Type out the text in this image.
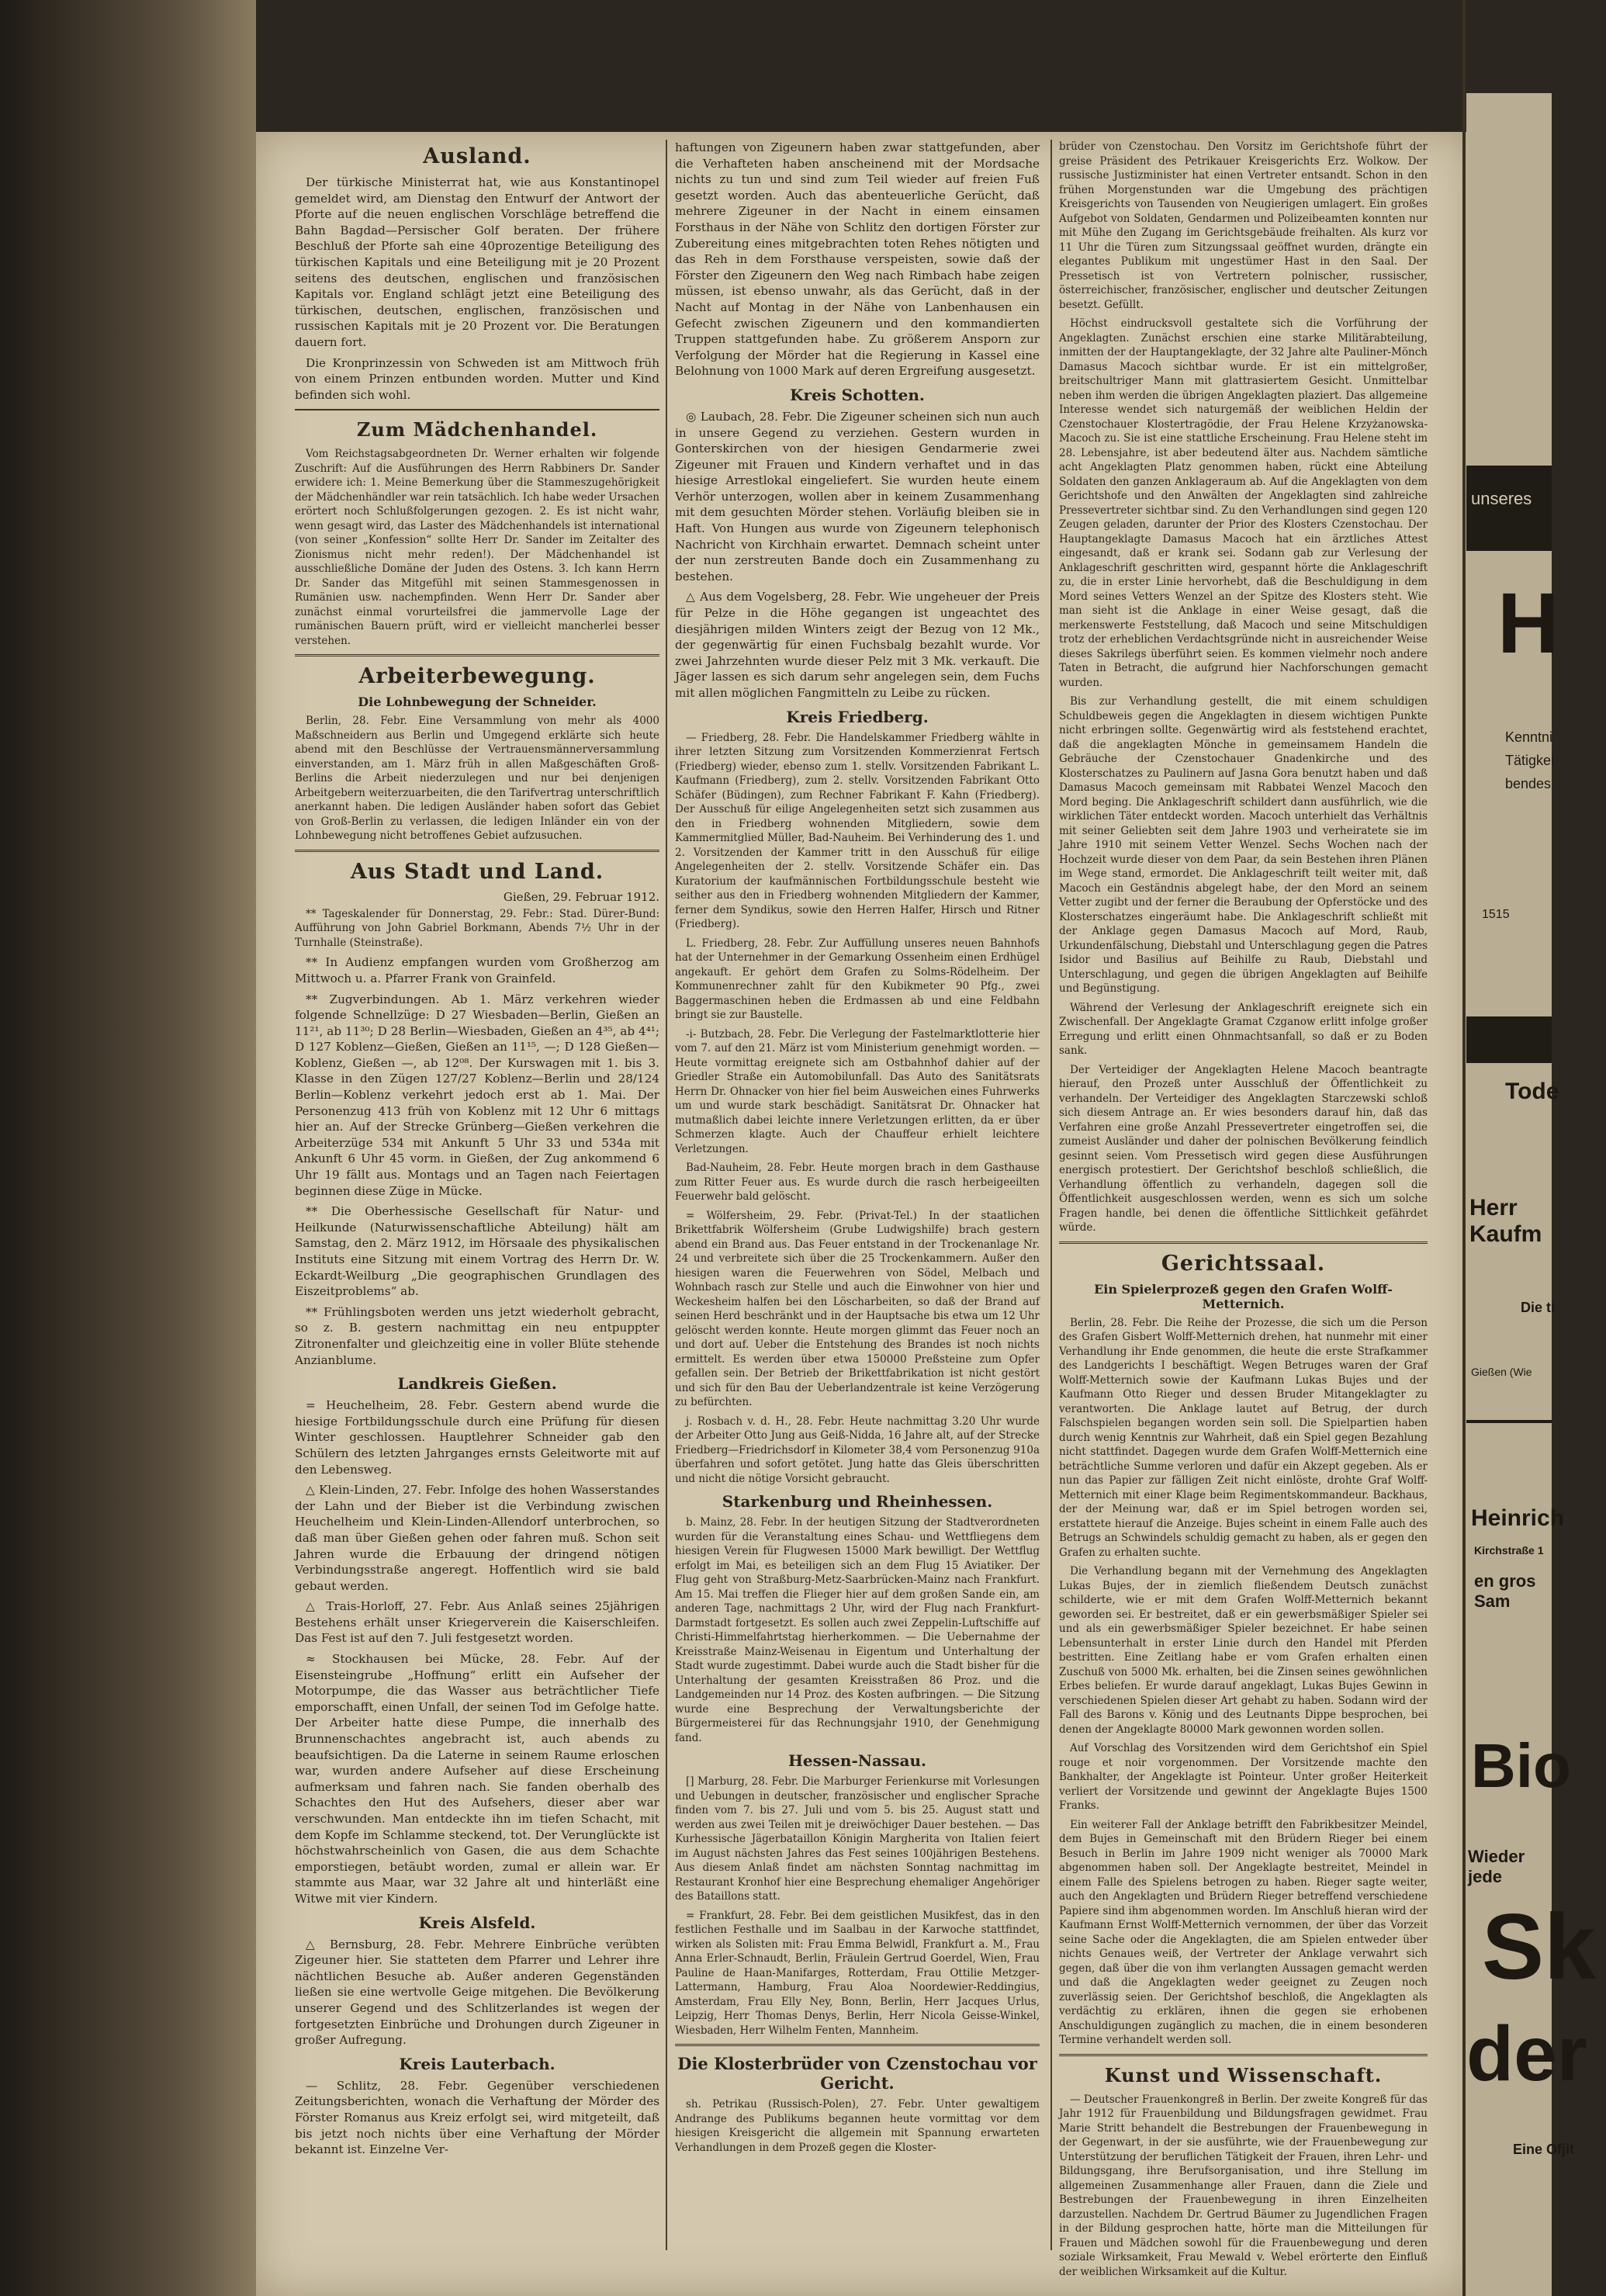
Ausland.

Der türkische Ministerrat hat, wie aus Konstantinopel gemeldet wird, am Dienstag den Entwurf der Antwort der Pforte auf die neuen englischen Vorschläge betreffend die Bahn Bagdad—Persischer Golf beraten. Der frühere Beschluß der Pforte sah eine 40prozentige Beteiligung des türkischen Kapitals und eine Beteiligung mit je 20 Prozent seitens des deutschen, englischen und französischen Kapitals vor. England schlägt jetzt eine Beteiligung des türkischen, deutschen, englischen, französischen und russischen Kapitals mit je 20 Prozent vor. Die Beratungen dauern fort.

Die Kronprinzessin von Schweden ist am Mittwoch früh von einem Prinzen entbunden worden. Mutter und Kind befinden sich wohl.

Zum Mädchenhandel.

Vom Reichstagsabgeordneten Dr. Werner erhalten wir folgende Zuschrift: Auf die Ausführungen des Herrn Rabbiners Dr. Sander erwidere ich: 1. Meine Bemerkung über die Stammeszugehörigkeit der Mädchenhändler war rein tatsächlich. Ich habe weder Ursachen erörtert noch Schlußfolgerungen gezogen. 2. Es ist nicht wahr, wenn gesagt wird, das Laster des Mädchenhandels ist international (von seiner „Konfession“ sollte Herr Dr. Sander im Zeitalter des Zionismus nicht mehr reden!). Der Mädchenhandel ist ausschließliche Domäne der Juden des Ostens. 3. Ich kann Herrn Dr. Sander das Mitgefühl mit seinen Stammesgenossen in Rumänien usw. nachempfinden. Wenn Herr Dr. Sander aber zunächst einmal vorurteilsfrei die jammervolle Lage der rumänischen Bauern prüft, wird er vielleicht mancherlei besser verstehen.

Arbeiterbewegung.
Die Lohnbewegung der Schneider.

Berlin, 28. Febr. Eine Versammlung von mehr als 4000 Maßschneidern aus Berlin und Umgegend erklärte sich heute abend mit den Beschlüsse der Vertrauensmännerversammlung einverstanden, am 1. März früh in allen Maßgeschäften Groß-Berlins die Arbeit niederzulegen und nur bei denjenigen Arbeitgebern weiterzuarbeiten, die den Tarifvertrag unterschriftlich anerkannt haben. Die ledigen Ausländer haben sofort das Gebiet von Groß-Berlin zu verlassen, die ledigen Inländer ein von der Lohnbewegung nicht betroffenes Gebiet aufzusuchen.

Aus Stadt und Land.
Gießen, 29. Februar 1912.

** Tageskalender für Donnerstag, 29. Febr.: Stad. Dürer-Bund: Aufführung von John Gabriel Borkmann, Abends 7½ Uhr in der Turnhalle (Steinstraße).

** In Audienz empfangen wurden vom Großherzog am Mittwoch u. a. Pfarrer Frank von Grainfeld.

** Zugverbindungen. Ab 1. März verkehren wieder folgende Schnellzüge: D 27 Wiesbaden—Berlin, Gießen an 11²¹, ab 11³⁰; D 28 Berlin—Wiesbaden, Gießen an 4³⁵, ab 4⁴¹; D 127 Koblenz—Gießen, Gießen an 11¹⁵, —; D 128 Gießen—Koblenz, Gießen —, ab 12⁰⁸. Der Kurswagen mit 1. bis 3. Klasse in den Zügen 127/27 Koblenz—Berlin und 28/124 Berlin—Koblenz verkehrt jedoch erst ab 1. Mai. Der Personenzug 413 früh von Koblenz mit 12 Uhr 6 mittags hier an. Auf der Strecke Grünberg—Gießen verkehren die Arbeiterzüge 534 mit Ankunft 5 Uhr 33 und 534a mit Ankunft 6 Uhr 45 vorm. in Gießen, der Zug ankommend 6 Uhr 19 fällt aus. Montags und an Tagen nach Feiertagen beginnen diese Züge in Mücke.

** Die Oberhessische Gesellschaft für Natur- und Heilkunde (Naturwissenschaftliche Abteilung) hält am Samstag, den 2. März 1912, im Hörsaale des physikalischen Instituts eine Sitzung mit einem Vortrag des Herrn Dr. W. Eckardt-Weilburg „Die geographischen Grundlagen des Eiszeitproblems“ ab.

** Frühlingsboten werden uns jetzt wiederholt gebracht, so z. B. gestern nachmittag ein neu entpuppter Zitronenfalter und gleichzeitig eine in voller Blüte stehende Anzianblume.

Landkreis Gießen.

= Heuchelheim, 28. Febr. Gestern abend wurde die hiesige Fortbildungsschule durch eine Prüfung für diesen Winter geschlossen. Hauptlehrer Schneider gab den Schülern des letzten Jahrganges ernsts Geleitworte mit auf den Lebensweg.

△ Klein-Linden, 27. Febr. Infolge des hohen Wasserstandes der Lahn und der Bieber ist die Verbindung zwischen Heuchelheim und Klein-Linden-Allendorf unterbrochen, so daß man über Gießen gehen oder fahren muß. Schon seit Jahren wurde die Erbauung der dringend nötigen Verbindungsstraße angeregt. Hoffentlich wird sie bald gebaut werden.

△ Trais-Horloff, 27. Febr. Aus Anlaß seines 25jährigen Bestehens erhält unser Kriegerverein die Kaiserschleifen. Das Fest ist auf den 7. Juli festgesetzt worden.

≈ Stockhausen bei Mücke, 28. Febr. Auf der Eisensteingrube „Hoffnung“ erlitt ein Aufseher der Motorpumpe, die das Wasser aus beträchtlicher Tiefe emporschafft, einen Unfall, der seinen Tod im Gefolge hatte. Der Arbeiter hatte diese Pumpe, die innerhalb des Brunnenschachtes angebracht ist, auch abends zu beaufsichtigen. Da die Laterne in seinem Raume erloschen war, wurden andere Aufseher auf diese Erscheinung aufmerksam und fahren nach. Sie fanden oberhalb des Schachtes den Hut des Aufsehers, dieser aber war verschwunden. Man entdeckte ihn im tiefen Schacht, mit dem Kopfe im Schlamme steckend, tot. Der Verunglückte ist höchstwahrscheinlich von Gasen, die aus dem Schachte emporstiegen, betäubt worden, zumal er allein war. Er stammte aus Maar, war 32 Jahre alt und hinterläßt eine Witwe mit vier Kindern.

Kreis Alsfeld.

△ Bernsburg, 28. Febr. Mehrere Einbrüche verübten Zigeuner hier. Sie statteten dem Pfarrer und Lehrer ihre nächtlichen Besuche ab. Außer anderen Gegenständen ließen sie eine wertvolle Geige mitgehen. Die Bevölkerung unserer Gegend und des Schlitzerlandes ist wegen der fortgesetzten Einbrüche und Drohungen durch Zigeuner in großer Aufregung.

Kreis Lauterbach.

— Schlitz, 28. Febr. Gegenüber verschiedenen Zeitungsberichten, wonach die Verhaftung der Mörder des Förster Romanus aus Kreiz erfolgt sei, wird mitgeteilt, daß bis jetzt noch nichts über eine Verhaftung der Mörder bekannt ist. Einzelne Ver-

haftungen von Zigeunern haben zwar stattgefunden, aber die Verhafteten haben anscheinend mit der Mordsache nichts zu tun und sind zum Teil wieder auf freien Fuß gesetzt worden. Auch das abenteuerliche Gerücht, daß mehrere Zigeuner in der Nacht in einem einsamen Forsthaus in der Nähe von Schlitz den dortigen Förster zur Zubereitung eines mitgebrachten toten Rehes nötigten und das Reh in dem Forsthause verspeisten, sowie daß der Förster den Zigeunern den Weg nach Rimbach habe zeigen müssen, ist ebenso unwahr, als das Gerücht, daß in der Nacht auf Montag in der Nähe von Lanbenhausen ein Gefecht zwischen Zigeunern und den kommandierten Truppen stattgefunden habe. Zu größerem Ansporn zur Verfolgung der Mörder hat die Regierung in Kassel eine Belohnung von 1000 Mark auf deren Ergreifung ausgesetzt.

Kreis Schotten.

◎ Laubach, 28. Febr. Die Zigeuner scheinen sich nun auch in unsere Gegend zu verziehen. Gestern wurden in Gonterskirchen von der hiesigen Gendarmerie zwei Zigeuner mit Frauen und Kindern verhaftet und in das hiesige Arrestlokal eingeliefert. Sie wurden heute einem Verhör unterzogen, wollen aber in keinem Zusammenhang mit dem gesuchten Mörder stehen. Vorläufig bleiben sie in Haft. Von Hungen aus wurde von Zigeunern telephonisch Nachricht von Kirchhain erwartet. Demnach scheint unter der nun zerstreuten Bande doch ein Zusammenhang zu bestehen.

△ Aus dem Vogelsberg, 28. Febr. Wie ungeheuer der Preis für Pelze in die Höhe gegangen ist ungeachtet des diesjährigen milden Winters zeigt der Bezug von 12 Mk., der gegenwärtig für einen Fuchsbalg bezahlt wurde. Vor zwei Jahrzehnten wurde dieser Pelz mit 3 Mk. verkauft. Die Jäger lassen es sich darum sehr angelegen sein, dem Fuchs mit allen möglichen Fangmitteln zu Leibe zu rücken.

Kreis Friedberg.

— Friedberg, 28. Febr. Die Handelskammer Friedberg wählte in ihrer letzten Sitzung zum Vorsitzenden Kommerzienrat Fertsch (Friedberg) wieder, ebenso zum 1. stellv. Vorsitzenden Fabrikant L. Kaufmann (Friedberg), zum 2. stellv. Vorsitzenden Fabrikant Otto Schäfer (Büdingen), zum Rechner Fabrikant F. Kahn (Friedberg). Der Ausschuß für eilige Angelegenheiten setzt sich zusammen aus den in Friedberg wohnenden Mitgliedern, sowie dem Kammermitglied Müller, Bad-Nauheim. Bei Verhinderung des 1. und 2. Vorsitzenden der Kammer tritt in den Ausschuß für eilige Angelegenheiten der 2. stellv. Vorsitzende Schäfer ein. Das Kuratorium der kaufmännischen Fortbildungsschule besteht wie seither aus den in Friedberg wohnenden Mitgliedern der Kammer, ferner dem Syndikus, sowie den Herren Halfer, Hirsch und Ritner (Friedberg).

L. Friedberg, 28. Febr. Zur Auffüllung unseres neuen Bahnhofs hat der Unternehmer in der Gemarkung Ossenheim einen Erdhügel angekauft. Er gehört dem Grafen zu Solms-Rödelheim. Der Kommunenrechner zahlt für den Kubikmeter 90 Pfg., zwei Baggermaschinen heben die Erdmassen ab und eine Feldbahn bringt sie zur Baustelle.

-i- Butzbach, 28. Febr. Die Verlegung der Fastelmarktlotterie hier vom 7. auf den 21. März ist vom Ministerium genehmigt worden. — Heute vormittag ereignete sich am Ostbahnhof dahier auf der Griedler Straße ein Automobilunfall. Das Auto des Sanitätsrats Herrn Dr. Ohnacker von hier fiel beim Ausweichen eines Fuhrwerks um und wurde stark beschädigt. Sanitätsrat Dr. Ohnacker hat mutmaßlich dabei leichte innere Verletzungen erlitten, da er über Schmerzen klagte. Auch der Chauffeur erhielt leichtere Verletzungen.

Bad-Nauheim, 28. Febr. Heute morgen brach in dem Gasthause zum Ritter Feuer aus. Es wurde durch die rasch herbeigeeilten Feuerwehr bald gelöscht.

= Wölfersheim, 29. Febr. (Privat-Tel.) In der staatlichen Brikettfabrik Wölfersheim (Grube Ludwigshilfe) brach gestern abend ein Brand aus. Das Feuer entstand in der Trockenanlage Nr. 24 und verbreitete sich über die 25 Trockenkammern. Außer den hiesigen waren die Feuerwehren von Södel, Melbach und Wohnbach rasch zur Stelle und auch die Einwohner von hier und Weckesheim halfen bei den Löscharbeiten, so daß der Brand auf seinen Herd beschränkt und in der Hauptsache bis etwa um 12 Uhr gelöscht werden konnte. Heute morgen glimmt das Feuer noch an und dort auf. Ueber die Entstehung des Brandes ist noch nichts ermittelt. Es werden über etwa 150000 Preßsteine zum Opfer gefallen sein. Der Betrieb der Brikettfabrikation ist nicht gestört und sich für den Bau der Ueberlandzentrale ist keine Verzögerung zu befürchten.

j. Rosbach v. d. H., 28. Febr. Heute nachmittag 3.20 Uhr wurde der Arbeiter Otto Jung aus Geiß-Nidda, 16 Jahre alt, auf der Strecke Friedberg—Friedrichsdorf in Kilometer 38,4 vom Personenzug 910a überfahren und sofort getötet. Jung hatte das Gleis überschritten und nicht die nötige Vorsicht gebraucht.

Starkenburg und Rheinhessen.

b. Mainz, 28. Febr. In der heutigen Sitzung der Stadtverordneten wurden für die Veranstaltung eines Schau- und Wettfliegens dem hiesigen Verein für Flugwesen 15000 Mark bewilligt. Der Wettflug erfolgt im Mai, es beteiligen sich an dem Flug 15 Aviatiker. Der Flug geht von Straßburg-Metz-Saarbrücken-Mainz nach Frankfurt. Am 15. Mai treffen die Flieger hier auf dem großen Sande ein, am anderen Tage, nachmittags 2 Uhr, wird der Flug nach Frankfurt-Darmstadt fortgesetzt. Es sollen auch zwei Zeppelin-Luftschiffe auf Christi-Himmelfahrtstag hierherkommen. — Die Uebernahme der Kreisstraße Mainz-Weisenau in Eigentum und Unterhaltung der Stadt wurde zugestimmt. Dabei wurde auch die Stadt bisher für die Unterhaltung der gesamten Kreisstraßen 86 Proz. und die Landgemeinden nur 14 Proz. des Kosten aufbringen. — Die Sitzung wurde eine Besprechung der Verwaltungsberichte der Bürgermeisterei für das Rechnungsjahr 1910, der Genehmigung fand.

Hessen-Nassau.

[] Marburg, 28. Febr. Die Marburger Ferienkurse mit Vorlesungen und Uebungen in deutscher, französischer und englischer Sprache finden vom 7. bis 27. Juli und vom 5. bis 25. August statt und werden aus zwei Teilen mit je dreiwöchiger Dauer bestehen. — Das Kurhessische Jägerbataillon Königin Margherita von Italien feiert im August nächsten Jahres das Fest seines 100jährigen Bestehens. Aus diesem Anlaß findet am nächsten Sonntag nachmittag im Restaurant Kronhof hier eine Besprechung ehemaliger Angehöriger des Bataillons statt.

= Frankfurt, 28. Febr. Bei dem geistlichen Musikfest, das in den festlichen Festhalle und im Saalbau in der Karwoche stattfindet, wirken als Solisten mit: Frau Emma Belwidl, Frankfurt a. M., Frau Anna Erler-Schnaudt, Berlin, Fräulein Gertrud Goerdel, Wien, Frau Pauline de Haan-Manifarges, Rotterdam, Frau Ottilie Metzger-Lattermann, Hamburg, Frau Aloa Noordewier-Reddingius, Amsterdam, Frau Elly Ney, Bonn, Berlin, Herr Jacques Urlus, Leipzig, Herr Thomas Denys, Berlin, Herr Nicola Geisse-Winkel, Wiesbaden, Herr Wilhelm Fenten, Mannheim.

Die Klosterbrüder von Czenstochau vor Gericht.

sh. Petrikau (Russisch-Polen), 27. Febr. Unter gewaltigem Andrange des Publikums begannen heute vormittag vor dem hiesigen Kreisgericht die allgemein mit Spannung erwarteten Verhandlungen in dem Prozeß gegen die Kloster-

brüder von Czenstochau. Den Vorsitz im Gerichtshofe führt der greise Präsident des Petrikauer Kreisgerichts Erz. Wolkow. Der russische Justizminister hat einen Vertreter entsandt. Schon in den frühen Morgenstunden war die Umgebung des prächtigen Kreisgerichts von Tausenden von Neugierigen umlagert. Ein großes Aufgebot von Soldaten, Gendarmen und Polizeibeamten konnten nur mit Mühe den Zugang im Gerichtsgebäude freihalten. Als kurz vor 11 Uhr die Türen zum Sitzungssaal geöffnet wurden, drängte ein elegantes Publikum mit ungestümer Hast in den Saal. Der Pressetisch ist von Vertretern polnischer, russischer, österreichischer, französischer, englischer und deutscher Zeitungen besetzt. Gefüllt.

Höchst eindrucksvoll gestaltete sich die Vorführung der Angeklagten. Zunächst erschien eine starke Militärabteilung, inmitten der der Hauptangeklagte, der 32 Jahre alte Pauliner-Mönch Damasus Macoch sichtbar wurde. Er ist ein mittelgroßer, breitschultriger Mann mit glattrasiertem Gesicht. Unmittelbar neben ihm werden die übrigen Angeklagten plaziert. Das allgemeine Interesse wendet sich naturgemäß der weiblichen Heldin der Czenstochauer Klostertragödie, der Frau Helene Krzyżanowska-Macoch zu. Sie ist eine stattliche Erscheinung. Frau Helene steht im 28. Lebensjahre, ist aber bedeutend älter aus. Nachdem sämtliche acht Angeklagten Platz genommen haben, rückt eine Abteilung Soldaten den ganzen Anklageraum ab. Auf die Angeklagten von dem Gerichtshofe und den Anwälten der Angeklagten sind zahlreiche Pressevertreter sichtbar sind. Zu den Verhandlungen sind gegen 120 Zeugen geladen, darunter der Prior des Klosters Czenstochau. Der Hauptangeklagte Damasus Macoch hat ein ärztliches Attest eingesandt, daß er krank sei. Sodann gab zur Verlesung der Anklageschrift geschritten wird, gespannt hörte die Anklageschrift zu, die in erster Linie hervorhebt, daß die Beschuldigung in dem Mord seines Vetters Wenzel an der Spitze des Klosters steht. Wie man sieht ist die Anklage in einer Weise gesagt, daß die merkenswerte Feststellung, daß Macoch und seine Mitschuldigen trotz der erheblichen Verdachtsgründe nicht in ausreichender Weise dieses Sakrilegs überführt seien. Es kommen vielmehr noch andere Taten in Betracht, die aufgrund hier Nachforschungen gemacht wurden.

Bis zur Verhandlung gestellt, die mit einem schuldigen Schuldbeweis gegen die Angeklagten in diesem wichtigen Punkte nicht erbringen sollte. Gegenwärtig wird als feststehend erachtet, daß die angeklagten Mönche in gemeinsamem Handeln die Gebräuche der Czenstochauer Gnadenkirche und des Klosterschatzes zu Paulinern auf Jasna Gora benutzt haben und daß Damasus Macoch gemeinsam mit Rabbatei Wenzel Macoch den Mord beging. Die Anklageschrift schildert dann ausführlich, wie die wirklichen Täter entdeckt worden. Macoch unterhielt das Verhältnis mit seiner Geliebten seit dem Jahre 1903 und verheiratete sie im Jahre 1910 mit seinem Vetter Wenzel. Sechs Wochen nach der Hochzeit wurde dieser von dem Paar, da sein Bestehen ihren Plänen im Wege stand, ermordet. Die Anklageschrift teilt weiter mit, daß Macoch ein Geständnis abgelegt habe, der den Mord an seinem Vetter zugibt und der ferner die Beraubung der Opferstöcke und des Klosterschatzes eingeräumt habe. Die Anklageschrift schließt mit der Anklage gegen Damasus Macoch auf Mord, Raub, Urkundenfälschung, Diebstahl und Unterschlagung gegen die Patres Isidor und Basilius auf Beihilfe zu Raub, Diebstahl und Unterschlagung, und gegen die übrigen Angeklagten auf Beihilfe und Begünstigung.

Während der Verlesung der Anklageschrift ereignete sich ein Zwischenfall. Der Angeklagte Gramat Czganow erlitt infolge großer Erregung und erlitt einen Ohnmachtsanfall, so daß er zu Boden sank.

Der Verteidiger der Angeklagten Helene Macoch beantragte hierauf, den Prozeß unter Ausschluß der Öffentlichkeit zu verhandeln. Der Verteidiger des Angeklagten Starczewski schloß sich diesem Antrage an. Er wies besonders darauf hin, daß das Verfahren eine große Anzahl Pressevertreter eingetroffen sei, die zumeist Ausländer und daher der polnischen Bevölkerung feindlich gesinnt seien. Vom Pressetisch wird gegen diese Ausführungen energisch protestiert. Der Gerichtshof beschloß schließlich, die Verhandlung öffentlich zu verhandeln, dagegen soll die Öffentlichkeit ausgeschlossen werden, wenn es sich um solche Fragen handle, bei denen die öffentliche Sittlichkeit gefährdet würde.

Gerichtssaal.
Ein Spielerprozeß gegen den Grafen Wolff-Metternich.

Berlin, 28. Febr. Die Reihe der Prozesse, die sich um die Person des Grafen Gisbert Wolff-Metternich drehen, hat nunmehr mit einer Verhandlung ihr Ende genommen, die heute die erste Strafkammer des Landgerichts I beschäftigt. Wegen Betruges waren der Graf Wolff-Metternich sowie der Kaufmann Lukas Bujes und der Kaufmann Otto Rieger und dessen Bruder Mitangeklagter zu verantworten. Die Anklage lautet auf Betrug, der durch Falschspielen begangen worden sein soll. Die Spielpartien haben durch wenig Kenntnis zur Wahrheit, daß ein Spiel gegen Bezahlung nicht stattfindet. Dagegen wurde dem Grafen Wolff-Metternich eine beträchtliche Summe verloren und dafür ein Akzept gegeben. Als er nun das Papier zur fälligen Zeit nicht einlöste, drohte Graf Wolff-Metternich mit einer Klage beim Regimentskommandeur. Backhaus, der der Meinung war, daß er im Spiel betrogen worden sei, erstattete hierauf die Anzeige. Bujes scheint in einem Falle auch des Betrugs an Schwindels schuldig gemacht zu haben, als er gegen den Grafen zu erhalten suchte.

Die Verhandlung begann mit der Vernehmung des Angeklagten Lukas Bujes, der in ziemlich fließendem Deutsch zunächst schilderte, wie er mit dem Grafen Wolff-Metternich bekannt geworden sei. Er bestreitet, daß er ein gewerbsmäßiger Spieler sei und als ein gewerbsmäßiger Spieler bezeichnet. Er habe seinen Lebensunterhalt in erster Linie durch den Handel mit Pferden bestritten. Eine Zeitlang habe er vom Grafen erhalten einen Zuschuß von 5000 Mk. erhalten, bei die Zinsen seines gewöhnlichen Erbes beliefen. Er wurde darauf angeklagt, Lukas Bujes Gewinn in verschiedenen Spielen dieser Art gehabt zu haben. Sodann wird der Fall des Barons v. König und des Leutnants Dippe besprochen, bei denen der Angeklagte 80000 Mark gewonnen worden sollen.

Auf Vorschlag des Vorsitzenden wird dem Gerichtshof ein Spiel rouge et noir vorgenommen. Der Vorsitzende machte den Bankhalter, der Angeklagte ist Pointeur. Unter großer Heiterkeit verliert der Vorsitzende und gewinnt der Angeklagte Bujes 1500 Franks.

Ein weiterer Fall der Anklage betrifft den Fabrikbesitzer Meindel, dem Bujes in Gemeinschaft mit den Brüdern Rieger bei einem Besuch in Berlin im Jahre 1909 nicht weniger als 70000 Mark abgenommen haben soll. Der Angeklagte bestreitet, Meindel in einem Falle des Spielens betrogen zu haben. Rieger sagte weiter, auch den Angeklagten und Brüdern Rieger betreffend verschiedene Papiere sind ihm abgenommen worden. Im Anschluß hieran wird der Kaufmann Ernst Wolff-Metternich vernommen, der über das Vorzeit seine Sache oder die Angeklagten, die am Spielen entweder über nichts Genaues weiß, der Vertreter der Anklage verwahrt sich gegen, daß über die von ihm verlangten Aussagen gemacht werden und daß die Angeklagten weder geeignet zu Zeugen noch zuverlässig seien. Der Gerichtshof beschloß, die Angeklagten als verdächtig zu erklären, ihnen die gegen sie erhobenen Anschuldigungen zugänglich zu machen, die in einem besonderen Termine verhandelt werden soll.

Kunst und Wissenschaft.

— Deutscher Frauenkongreß in Berlin. Der zweite Kongreß für das Jahr 1912 für Frauenbildung und Bildungsfragen gewidmet. Frau Marie Stritt behandelt die Bestrebungen der Frauenbewegung in der Gegenwart, in der sie ausführte, wie der Frauenbewegung zur Unterstützung der beruflichen Tätigkeit der Frauen, ihren Lehr- und Bildungsgang, ihre Berufsorganisation, und ihre Stellung im allgemeinen Zusammenhange aller Frauen, dann die Ziele und Bestrebungen der Frauenbewegung in ihren Einzelheiten darzustellen. Nachdem Dr. Gertrud Bäumer zu Jugendlichen Fragen in der Bildung gesprochen hatte, hörte man die Mitteilungen für Frauen und Mädchen sowohl für die Frauenbewegung und deren soziale Wirksamkeit, Frau Mewald v. Webel erörterte den Einfluß der weiblichen Wirksamkeit auf die Kultur.

unseres
H
Kenntni
Tätigkei
bendes
1515
Tode
Herr Kaufm
Die ti
Gießen (Wie
Heinrich
Kirchstraße 1
en gros Sam
Bio
Wieder jede
Sk
der
Eine Ofjit
